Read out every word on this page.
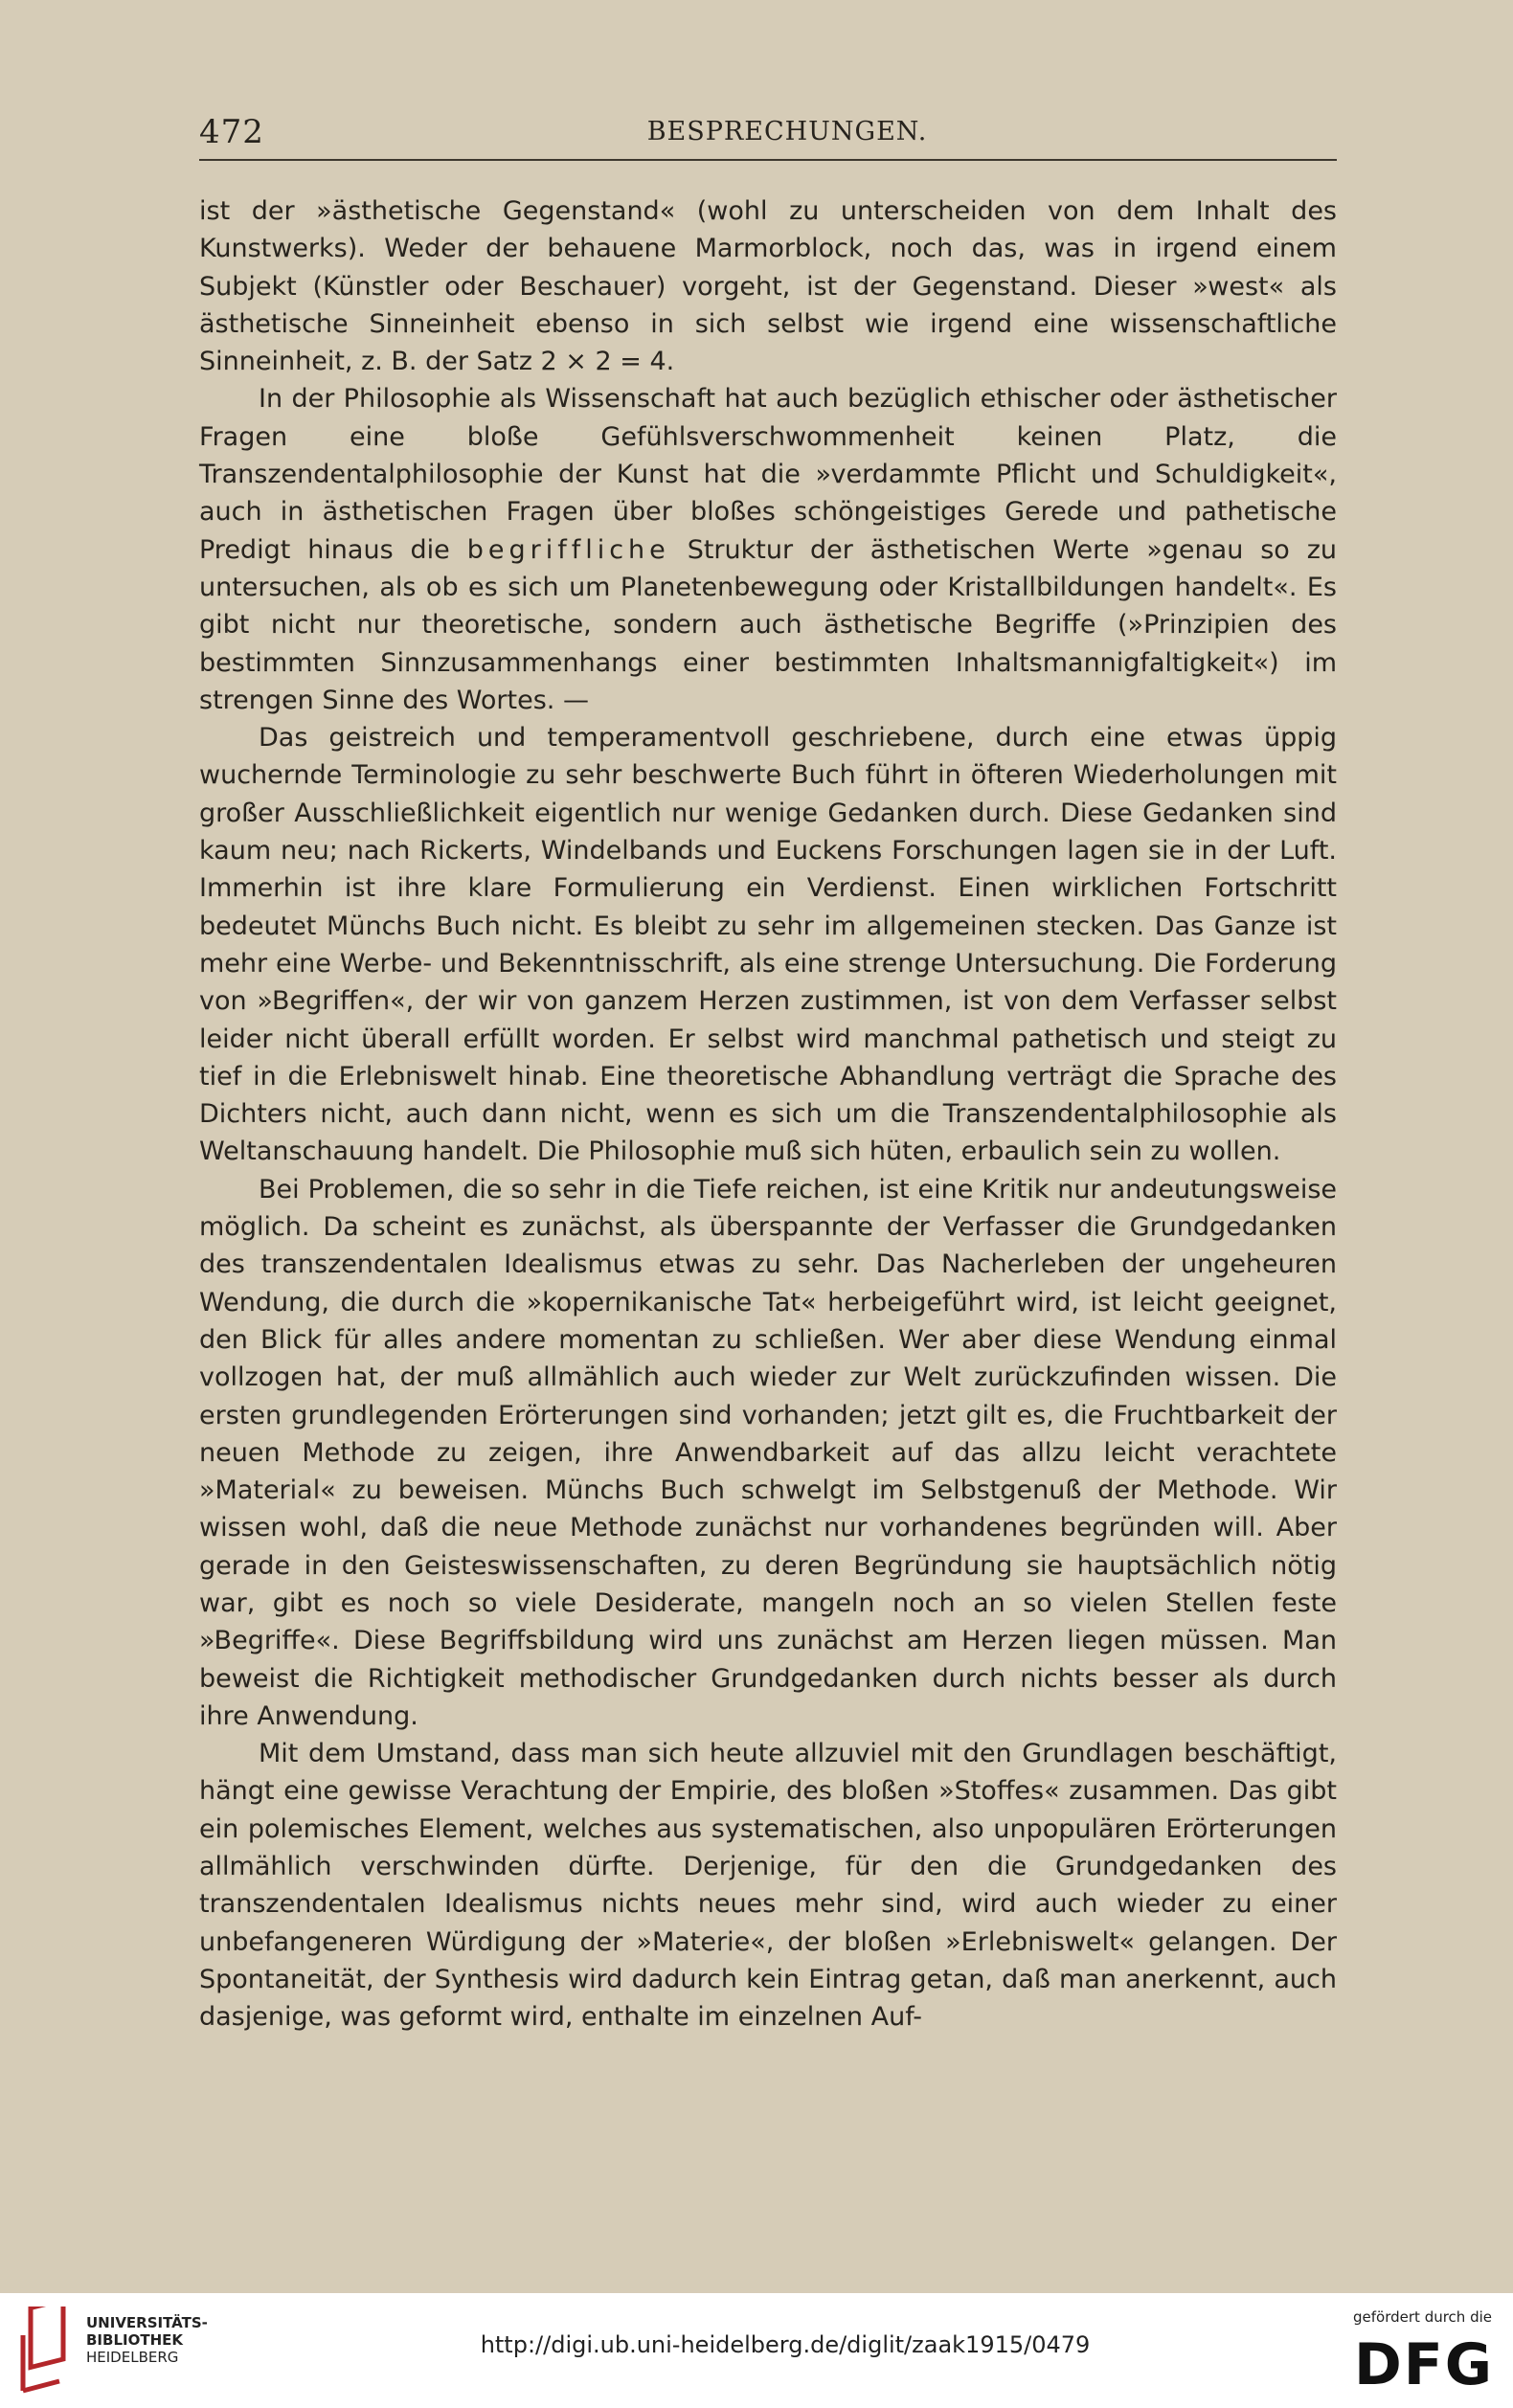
472	BESPRECHUNGEN.

ist der »ästhetische Gegenstand« (wohl zu unterscheiden von dem Inhalt des Kunstwerks). Weder der behauene Marmorblock, noch das, was in irgend einem Subjekt (Künstler oder Beschauer) vorgeht, ist der Gegenstand. Dieser »west« als ästhetische Sinneinheit ebenso in sich selbst wie irgend eine wissenschaftliche Sinneinheit, z. B. der Satz 2 × 2 = 4.

In der Philosophie als Wissenschaft hat auch bezüglich ethischer oder ästhetischer Fragen eine bloße Gefühlsverschwommenheit keinen Platz, die Transzendentalphilosophie der Kunst hat die »verdammte Pflicht und Schuldigkeit«, auch in ästhetischen Fragen über bloßes schöngeistiges Gerede und pathetische Predigt hinaus die begriffliche Struktur der ästhetischen Werte »genau so zu untersuchen, als ob es sich um Planetenbewegung oder Kristallbildungen handelt«. Es gibt nicht nur theoretische, sondern auch ästhetische Begriffe (»Prinzipien des bestimmten Sinnzusammenhangs einer bestimmten Inhaltsmannigfaltigkeit«) im strengen Sinne des Wortes. —

Das geistreich und temperamentvoll geschriebene, durch eine etwas üppig wuchernde Terminologie zu sehr beschwerte Buch führt in öfteren Wiederholungen mit großer Ausschließlichkeit eigentlich nur wenige Gedanken durch. Diese Gedanken sind kaum neu; nach Rickerts, Windelbands und Euckens Forschungen lagen sie in der Luft. Immerhin ist ihre klare Formulierung ein Verdienst. Einen wirklichen Fortschritt bedeutet Münchs Buch nicht. Es bleibt zu sehr im allgemeinen stecken. Das Ganze ist mehr eine Werbe- und Bekenntnisschrift, als eine strenge Untersuchung. Die Forderung von »Begriffen«, der wir von ganzem Herzen zustimmen, ist von dem Verfasser selbst leider nicht überall erfüllt worden. Er selbst wird manchmal pathetisch und steigt zu tief in die Erlebniswelt hinab. Eine theoretische Abhandlung verträgt die Sprache des Dichters nicht, auch dann nicht, wenn es sich um die Transzendentalphilosophie als Weltanschauung handelt. Die Philosophie muß sich hüten, erbaulich sein zu wollen.

Bei Problemen, die so sehr in die Tiefe reichen, ist eine Kritik nur andeutungsweise möglich. Da scheint es zunächst, als überspannte der Verfasser die Grundgedanken des transzendentalen Idealismus etwas zu sehr. Das Nacherleben der ungeheuren Wendung, die durch die »kopernikanische Tat« herbeigeführt wird, ist leicht geeignet, den Blick für alles andere momentan zu schließen. Wer aber diese Wendung einmal vollzogen hat, der muß allmählich auch wieder zur Welt zurückzufinden wissen. Die ersten grundlegenden Erörterungen sind vorhanden; jetzt gilt es, die Fruchtbarkeit der neuen Methode zu zeigen, ihre Anwendbarkeit auf das allzu leicht verachtete »Material« zu beweisen. Münchs Buch schwelgt im Selbstgenuß der Methode. Wir wissen wohl, daß die neue Methode zunächst nur vorhandenes begründen will. Aber gerade in den Geisteswissenschaften, zu deren Begründung sie hauptsächlich nötig war, gibt es noch so viele Desiderate, mangeln noch an so vielen Stellen feste »Begriffe«. Diese Begriffsbildung wird uns zunächst am Herzen liegen müssen. Man beweist die Richtigkeit methodischer Grundgedanken durch nichts besser als durch ihre Anwendung.

Mit dem Umstand, dass man sich heute allzuviel mit den Grundlagen beschäftigt, hängt eine gewisse Verachtung der Empirie, des bloßen »Stoffes« zusammen. Das gibt ein polemisches Element, welches aus systematischen, also unpopulären Erörterungen allmählich verschwinden dürfte. Derjenige, für den die Grundgedanken des transzendentalen Idealismus nichts neues mehr sind, wird auch wieder zu einer unbefangeneren Würdigung der »Materie«, der bloßen »Erlebniswelt« gelangen. Der Spontaneität, der Synthesis wird dadurch kein Eintrag getan, daß man anerkennt, auch dasjenige, was geformt wird, enthalte im einzelnen Auf-

UNIVERSITÄTS-
BIBLIOTHEK
HEIDELBERG	http://digi.ub.uni-heidelberg.de/diglit/zaak1915/0479
gefördert durch die
DFG
